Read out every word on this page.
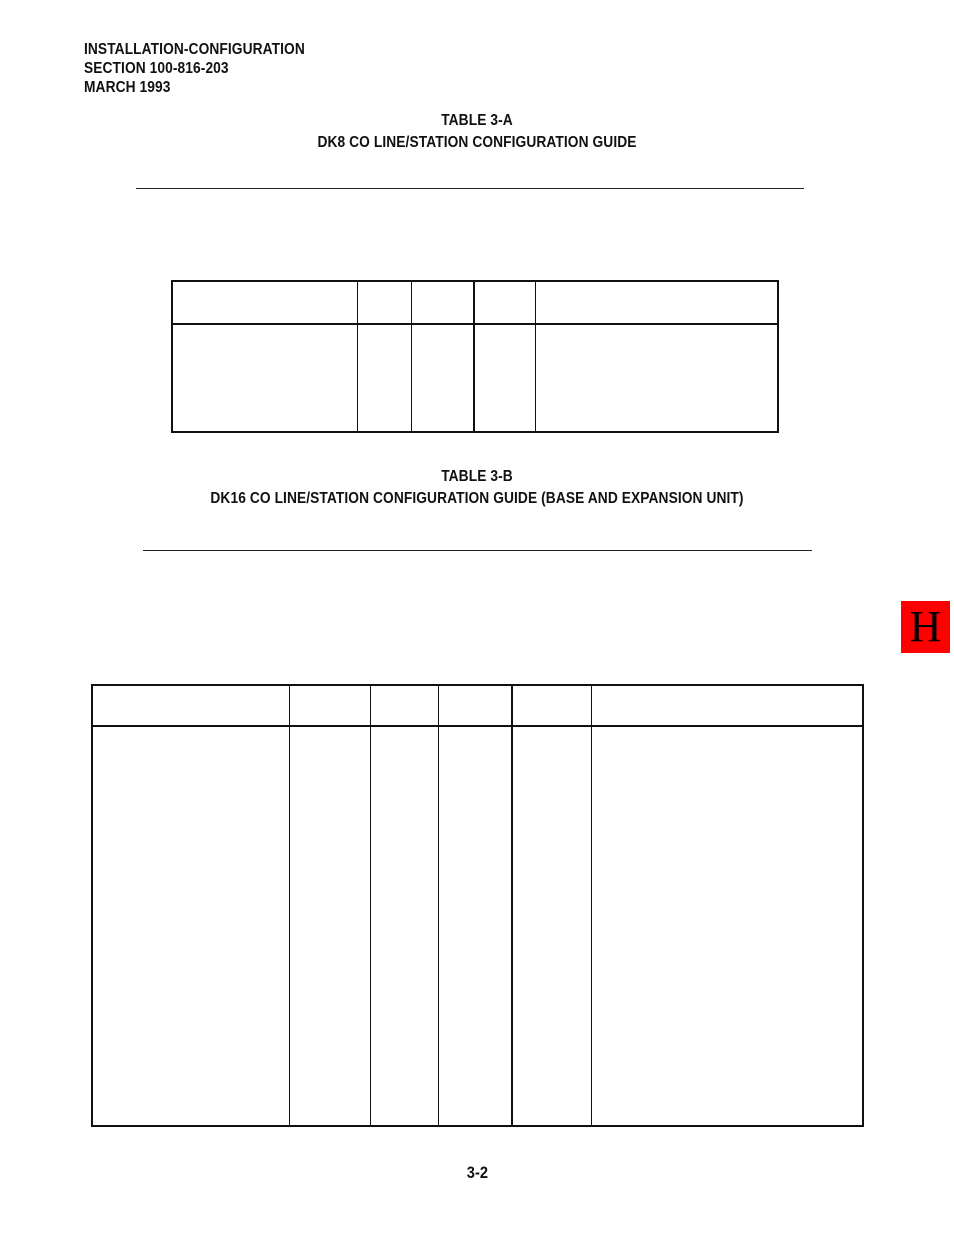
INSTALLATION-CONFIGURATION
SECTION 100-816-203
MARCH 1993
TABLE 3-A
DK8 CO LINE/STATION CONFIGURATION GUIDE
TABLE 3-B
DK16 CO LINE/STATION CONFIGURATION GUIDE (BASE AND EXPANSION UNIT)
H
3-2
